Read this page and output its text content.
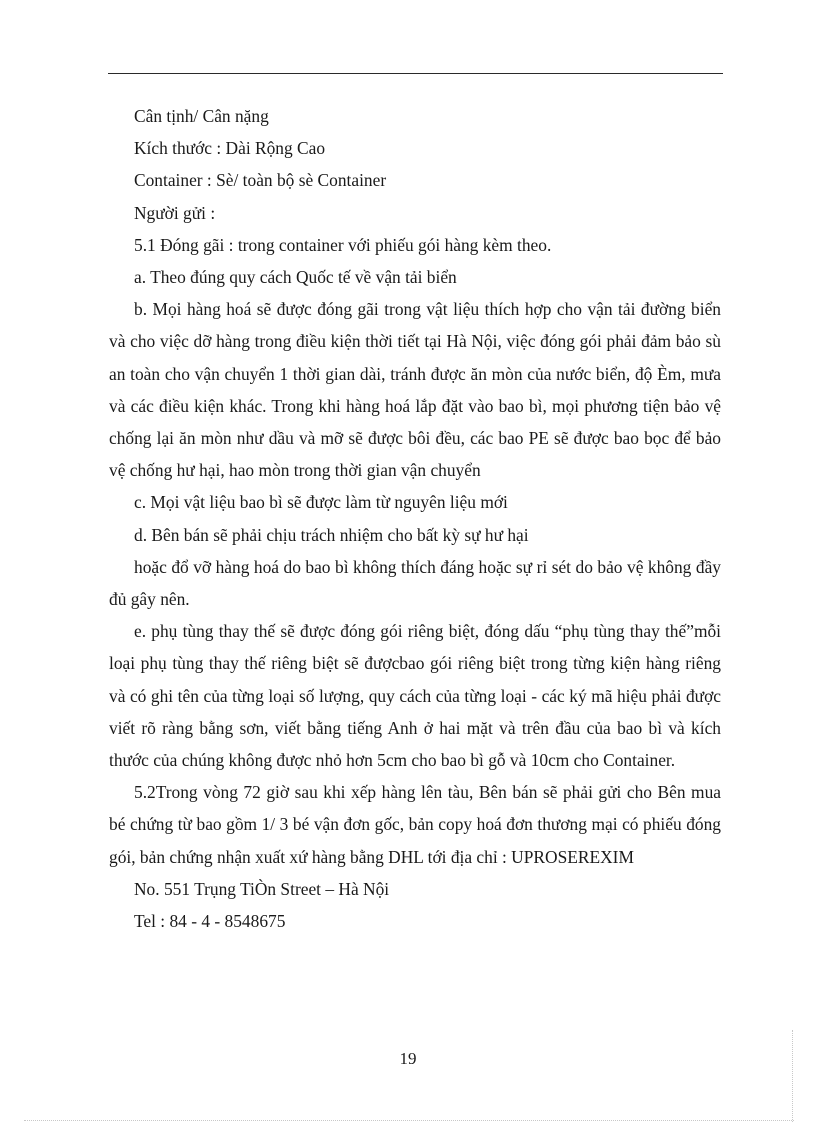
Cân tịnh/ Cân nặng

Kích thước : Dài Rộng Cao

Container : Sè/ toàn bộ sè Container

Người gửi :

5.1 Đóng gãi : trong container với phiếu gói hàng kèm theo.

a. Theo đúng quy cách Quốc tế về vận tải biển

b. Mọi hàng hoá sẽ được đóng gãi trong vật liệu thích hợp cho vận tải đường biển và cho việc dỡ hàng trong điều kiện thời tiết tại Hà Nội, việc đóng gói phải đảm bảo sù an toàn cho vận chuyển 1 thời gian dài, tránh được ăn mòn của nước biển, độ Èm, mưa và các điều kiện khác. Trong khi hàng hoá lắp đặt vào bao bì, mọi phương tiện bảo vệ chống lại ăn mòn như dầu và mỡ sẽ được bôi đều, các bao PE sẽ được bao bọc để bảo vệ chống hư hại, hao mòn trong thời gian vận chuyển

c. Mọi vật liệu bao bì sẽ được làm từ nguyên liệu mới

d. Bên bán sẽ phải chịu trách nhiệm cho bất kỳ sự hư hại

hoặc đổ vỡ hàng hoá do bao bì không thích đáng hoặc sự rỉ sét do bảo vệ không đầy đủ gây nên.

e. phụ tùng thay thế sẽ được đóng gói riêng biệt, đóng dấu “phụ tùng thay thế”mỗi loại phụ tùng thay thế riêng biệt sẽ đượcbao gói riêng biệt trong từng kiện hàng riêng và có ghi tên của từng loại số lượng, quy cách của từng loại - các ký mã hiệu phải được viết rõ ràng bằng sơn, viết bằng tiếng Anh ở hai mặt và trên đầu của bao bì và kích thước của chúng không được nhỏ hơn 5cm cho bao bì gỗ và 10cm cho Container.

5.2Trong vòng 72 giờ sau khi xếp hàng lên tàu, Bên bán sẽ phải gửi cho Bên mua bé chứng từ bao gồm 1/ 3 bé vận đơn gốc, bản copy hoá đơn thương mại có phiếu đóng gói, bản chứng nhận xuất xứ hàng bằng DHL tới địa chỉ : UPROSEREXIM

No. 551 Trụng TiÒn Street – Hà Nội

Tel : 84 - 4 - 8548675

19
